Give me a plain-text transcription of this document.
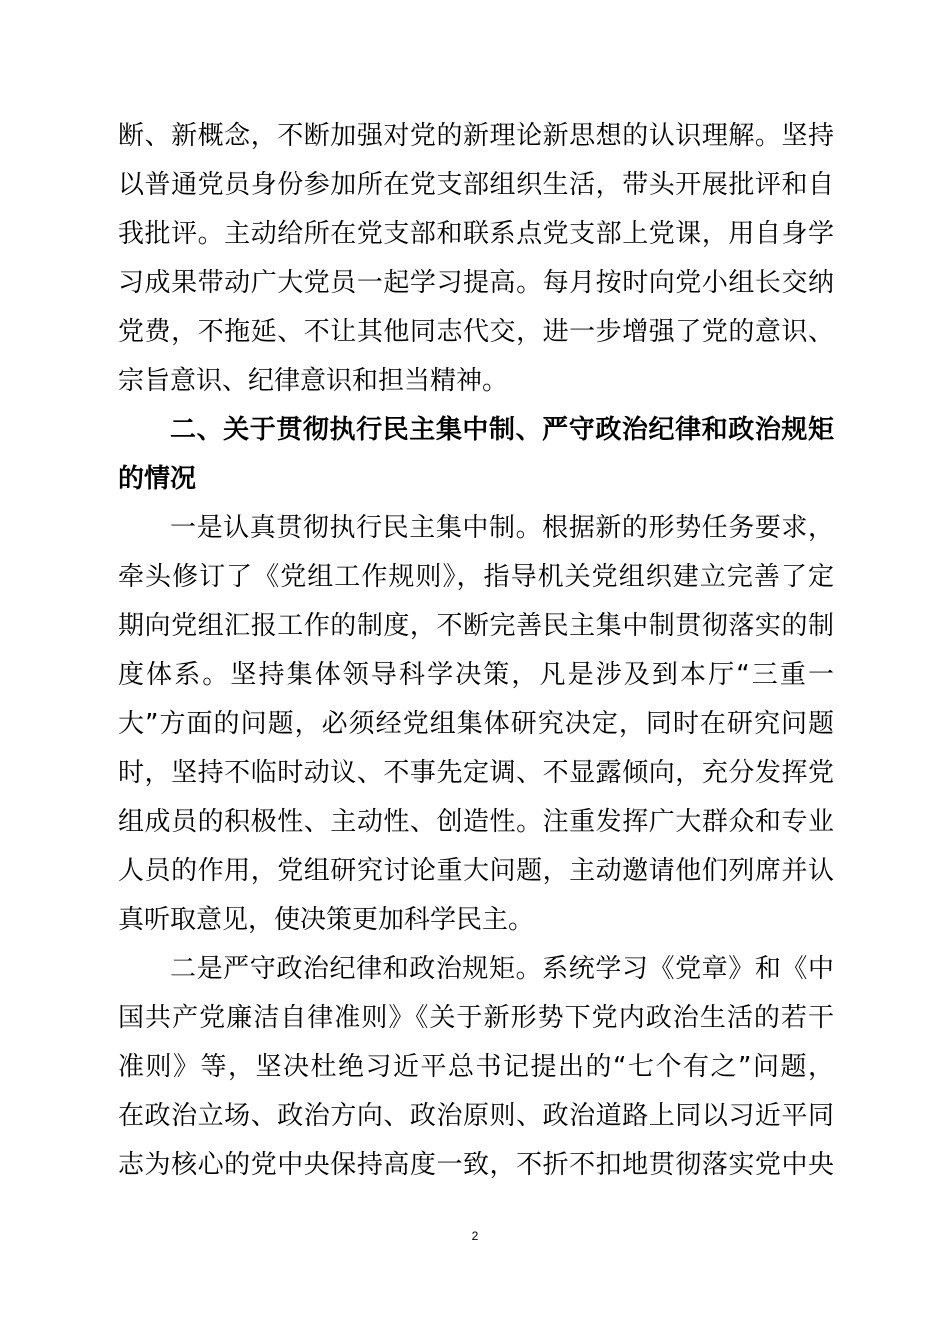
断、新概念，不断加强对党的新理论新思想的认识理解。坚持
以普通党员身份参加所在党支部组织生活，带头开展批评和自
我批评。主动给所在党支部和联系点党支部上党课，用自身学
习成果带动广大党员一起学习提高。每月按时向党小组长交纳
党费，不拖延、不让其他同志代交，进一步增强了党的意识、
宗旨意识、纪律意识和担当精神。
二、关于贯彻执行民主集中制、严守政治纪律和政治规矩
的情况
一是认真贯彻执行民主集中制。根据新的形势任务要求，
牵头修订了《党组工作规则》，指导机关党组织建立完善了定
期向党组汇报工作的制度，不断完善民主集中制贯彻落实的制
度体系。坚持集体领导科学决策，凡是涉及到本厅“三重一
大”方面的问题，必须经党组集体研究决定，同时在研究问题
时，坚持不临时动议、不事先定调、不显露倾向，充分发挥党
组成员的积极性、主动性、创造性。注重发挥广大群众和专业
人员的作用，党组研究讨论重大问题，主动邀请他们列席并认
真听取意见，使决策更加科学民主。
二是严守政治纪律和政治规矩。系统学习《党章》和《中
国共产党廉洁自律准则》《关于新形势下党内政治生活的若干
准则》等，坚决杜绝习近平总书记提出的“七个有之”问题，
在政治立场、政治方向、政治原则、政治道路上同以习近平同
志为核心的党中央保持高度一致，不折不扣地贯彻落实党中央
2
